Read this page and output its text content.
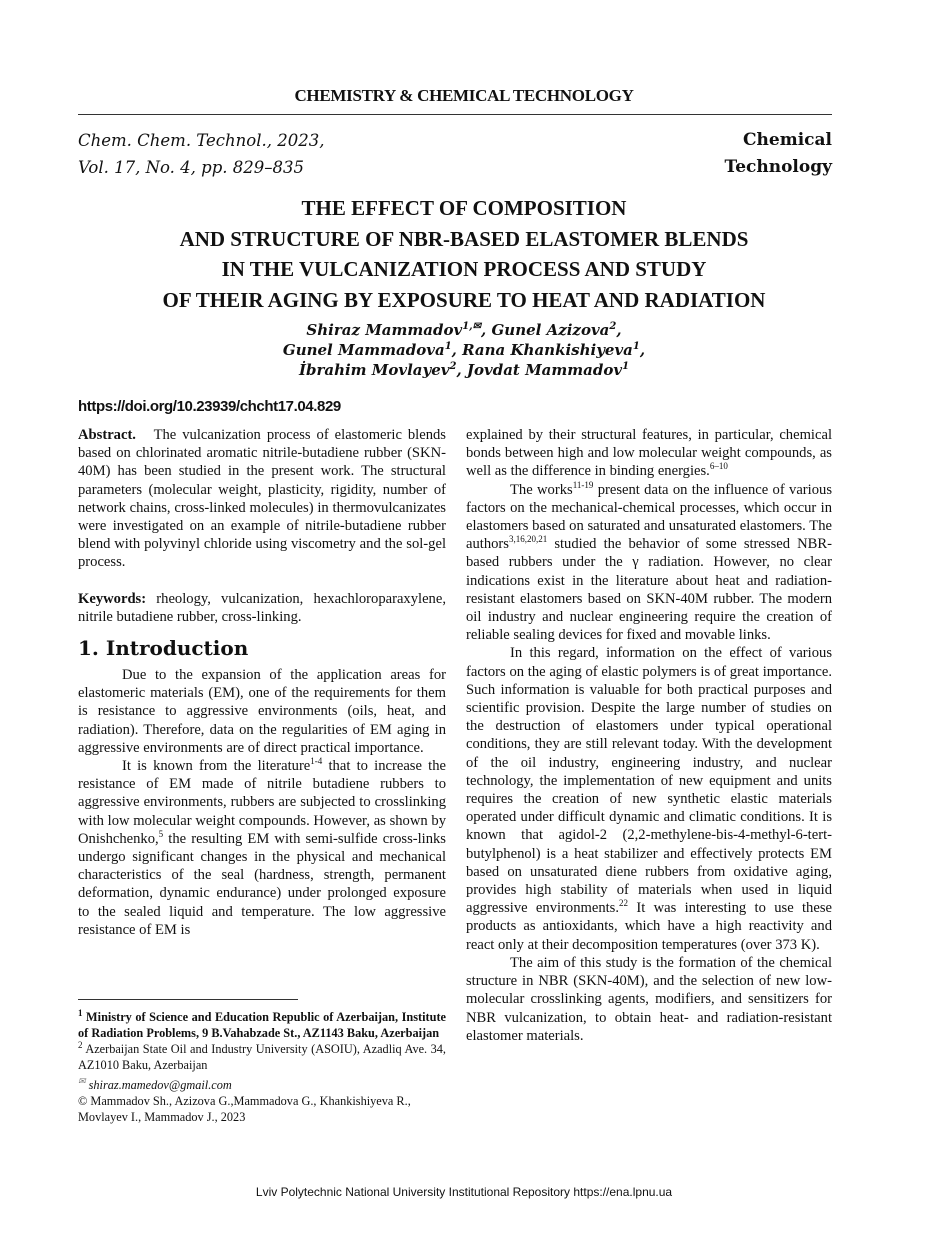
CHEMISTRY & CHEMICAL TECHNOLOGY
Chem. Chem. Technol., 2023,
Vol. 17, No. 4, pp. 829–835
Chemical
Technology
THE EFFECT OF COMPOSITION
AND STRUCTURE OF NBR-BASED ELASTOMER BLENDS
IN THE VULCANIZATION PROCESS AND STUDY
OF THEIR AGING BY EXPOSURE TO HEAT AND RADIATION
Shiraz Mammadov$^{1,✉}$, Gunel Azizova$^2$,
Gunel Mammadova$^1$, Rana Khankishiyeva$^1$,
İbrahim Movlayev$^2$, Jovdat Mammadov$^1$
https://doi.org/10.23939/chcht17.04.829

Abstract. The vulcanization process of elastomeric blends based on chlorinated aromatic nitrile-butadiene rubber (SKN-40M) has been studied in the present work. The structural parameters (molecular weight, plasticity, rigidity, number of network chains, cross-linked molecules) in thermovulcanizates were investigated on an example of nitrile-butadiene rubber blend with polyvinyl chloride using viscometry and the sol-gel process.

Keywords: rheology, vulcanization, hexachloroparaxylene, nitrile butadiene rubber, cross-linking.

1. Introduction

Due to the expansion of the application areas for elastomeric materials (EM), one of the requirements for them is resistance to aggressive environments (oils, heat, and radiation). Therefore, data on the regularities of EM aging in aggressive environments are of direct practical importance.

It is known from the literature$^{1-4}$ that to increase the resistance of EM made of nitrile butadiene rubbers to aggressive environments, rubbers are subjected to crosslinking with low molecular weight compounds. However, as shown by Onishchenko,$^5$ the resulting EM with semi-sulfide cross-links undergo significant changes in the physical and mechanical characteristics of the seal (hardness, strength, permanent deformation, dynamic endurance) under prolonged exposure to the sealed liquid and temperature. The low aggressive resistance of EM is

$^1$ Ministry of Science and Education Republic of Azerbaijan, Institute of Radiation Problems, 9 B.Vahabzade St., AZ1143 Baku, Azerbaijan

$^2$ Azerbaijan State Oil and Industry University (ASOIU), Azadliq Ave. 34, AZ1010 Baku, Azerbaijan

✉ shiraz.mamedov@gmail.com

© Mammadov Sh., Azizova G.,Mammadova G., Khankishiyeva R., Movlayev I., Mammadov J., 2023

explained by their structural features, in particular, chemical bonds between high and low molecular weight compounds, as well as the difference in binding energies.$^{6-10}$

The works$^{11-19}$ present data on the influence of various factors on the mechanical-chemical processes, which occur in elastomers based on saturated and unsaturated elastomers. The authors$^{3,16,20,21}$ studied the behavior of some stressed NBR-based rubbers under the γ radiation. However, no clear indications exist in the literature about heat and radiation-resistant elastomers based on SKN-40M rubber. The modern oil industry and nuclear engineering require the creation of reliable sealing devices for fixed and movable links.

In this regard, information on the effect of various factors on the aging of elastic polymers is of great importance. Such information is valuable for both practical purposes and scientific provision. Despite the large number of studies on the destruction of elastomers under typical operational conditions, they are still relevant today. With the development of the oil industry, engineering industry, and nuclear technology, the implementation of new equipment and units requires the creation of new synthetic elastic materials operated under difficult dynamic and climatic conditions. It is known that agidol-2 (2,2-methylene-bis-4-methyl-6-tert-butylphenol) is a heat stabilizer and effectively protects EM based on unsaturated diene rubbers from oxidative aging, provides high stability of materials when used in liquid aggressive environments.$^{22}$ It was interesting to use these products as antioxidants, which have a high reactivity and react only at their decomposition temperatures (over 373 K).

The aim of this study is the formation of the chemical structure in NBR (SKN-40M), and the selection of new low-molecular crosslinking agents, modifiers, and sensitizers for NBR vulcanization, to obtain heat- and radiation-resistant elastomer materials.

Lviv Polytechnic National University Institutional Repository https://ena.lpnu.ua
